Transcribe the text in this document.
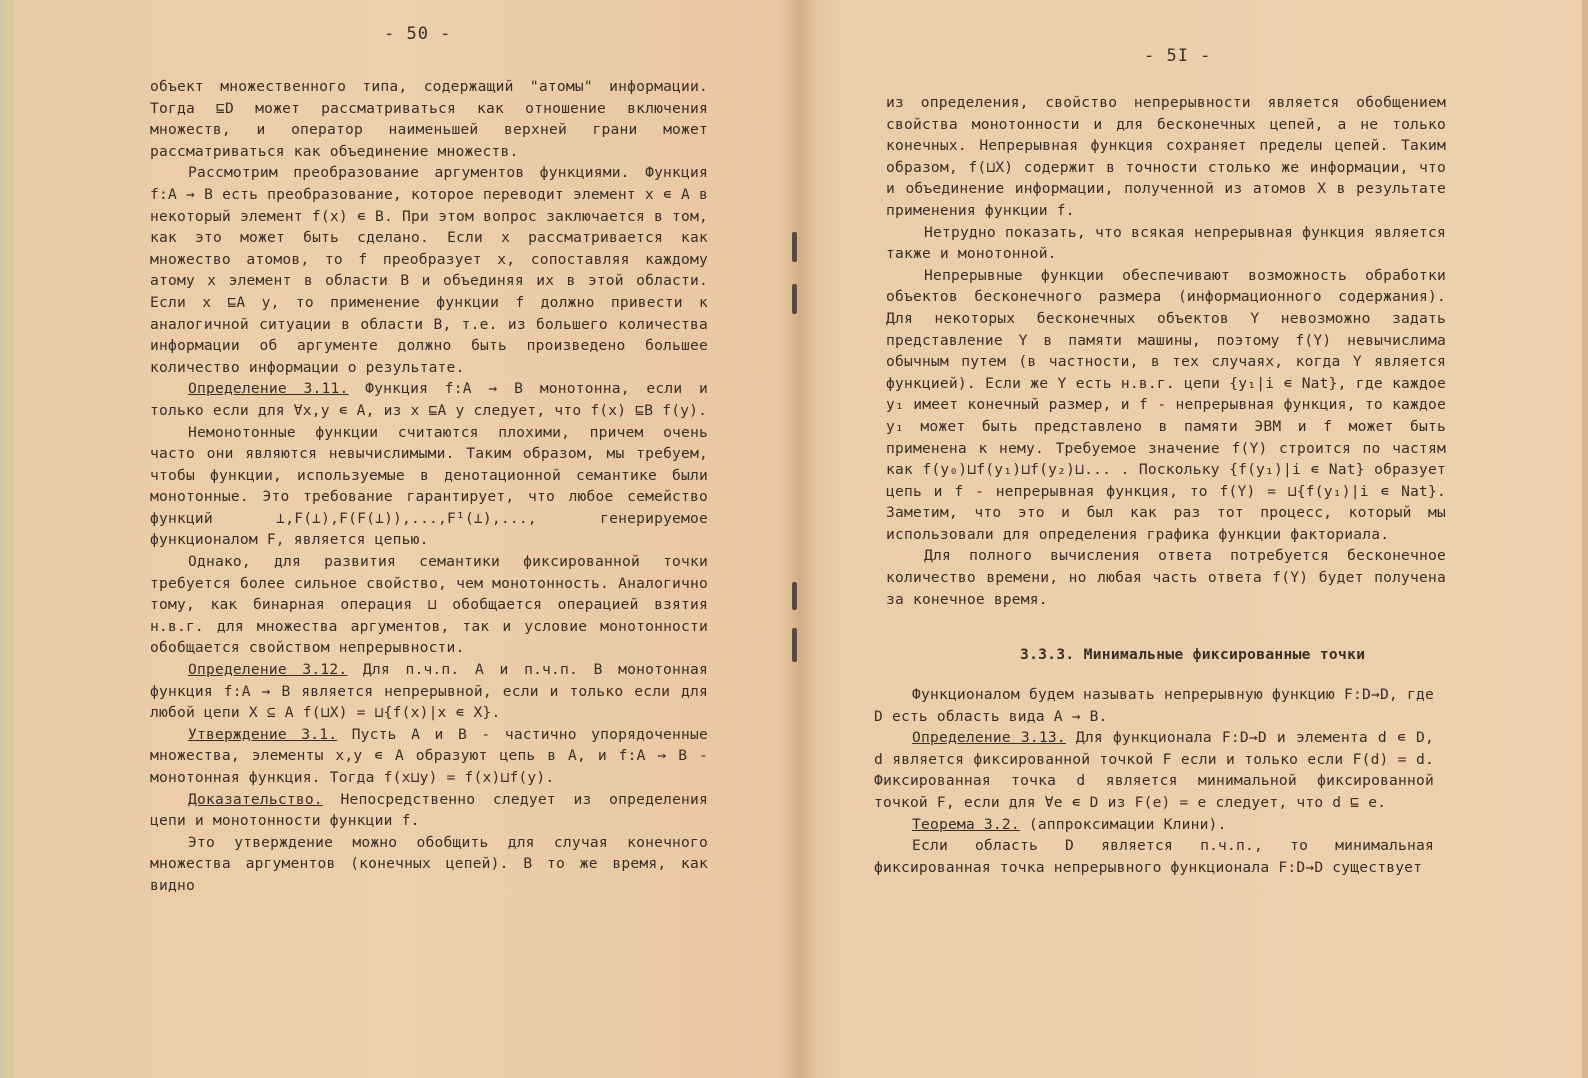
- 50 -

объект множественного типа, содержащий "атомы" информации. Тогда ⊑D может рассматриваться как отношение включения множеств, и оператор наименьшей верхней грани может рассматриваться как объединение множеств.

Рассмотрим преобразование аргументов функциями. Функция f:A → B есть преобразование, которое переводит элемент x ∊ A в некоторый элемент f(x) ∊ B. При этом вопрос заключается в том, как это может быть сделано. Если x рассматривается как множество атомов, то f преобразует x, сопоставляя каждому атому x элемент в области B и объединяя их в этой области. Если x ⊑A y, то применение функции f должно привести к аналогичной ситуации в области B, т.е. из большего количества информации об аргументе должно быть произведено большее количество информации о результате.

Определение 3.11. Функция f:A → B монотонна, если и только если для ∀x,y ∊ A, из x ⊑A y следует, что f(x) ⊑B f(y).

Немонотонные функции считаются плохими, причем очень часто они являются невычислимыми. Таким образом, мы требуем, чтобы функции, используемые в денотационной семантике были монотонные. Это требование гарантирует, что любое семейство функций ⊥,F(⊥),F(F(⊥)),...,F¹(⊥),..., генерируемое функционалом F, является цепью.

Однако, для развития семантики фиксированной точки требуется более сильное свойство, чем монотонность. Аналогично тому, как бинарная операция ⊔ обобщается операцией взятия н.в.г. для множества аргументов, так и условие монотонности обобщается свойством непрерывности.

Определение 3.12. Для п.ч.п. A и п.ч.п. B монотонная функция f:A → B является непрерывной, если и только если для любой цепи X ⊆ A f(⊔X) = ⊔{f(x)|x ∊ X}.

Утверждение 3.1. Пусть A и B - частично упорядоченные множества, элементы x,y ∊ A образуют цепь в A, и f:A → B - монотонная функция. Тогда f(x⊔y) = f(x)⊔f(y).

Доказательство. Непосредственно следует из определения цепи и монотонности функции f.

Это утверждение можно обобщить для случая конечного множества аргументов (конечных цепей). В то же время, как видно

- 5I -

из определения, свойство непрерывности является обобщением свойства монотонности и для бесконечных цепей, а не только конечных. Непрерывная функция сохраняет пределы цепей. Таким образом, f(⊔X) содержит в точности столько же информации, что и объединение информации, полученной из атомов X в результате применения функции f.

Нетрудно показать, что всякая непрерывная функция является также и монотонной.

Непрерывные функции обеспечивают возможность обработки объектов бесконечного размера (информационного содержания). Для некоторых бесконечных объектов Y невозможно задать представление Y в памяти машины, поэтому f(Y) невычислима обычным путем (в частности, в тех случаях, когда Y является функцией). Если же Y есть н.в.г. цепи {y₁|i ∊ Nat}, где каждое y₁ имеет конечный размер, и f - непрерывная функция, то каждое y₁ может быть представлено в памяти ЭВМ и f может быть применена к нему. Требуемое значение f(Y) строится по частям как f(y₀)⊔f(y₁)⊔f(y₂)⊔... . Поскольку {f(y₁)|i ∊ Nat} образует цепь и f - непрерывная функция, то f(Y) = ⊔{f(y₁)|i ∊ Nat}. Заметим, что это и был как раз тот процесс, который мы использовали для определения графика функции факториала.

Для полного вычисления ответа потребуется бесконечное количество времени, но любая часть ответа f(Y) будет получена за конечное время.

3.3.3. Минимальные фиксированные точки

Функционалом будем называть непрерывную функцию F:D→D, где D есть область вида A → B.

Определение 3.13. Для функционала F:D→D и элемента d ∊ D, d является фиксированной точкой F если и только если F(d) = d. Фиксированная точка d является минимальной фиксированной точкой F, если для ∀e ∊ D из F(e) = e следует, что d ⊑ e.

Теорема 3.2. (аппроксимации Клини).

Если область D является п.ч.п., то минимальная фиксированная точка непрерывного функционала F:D→D существует
